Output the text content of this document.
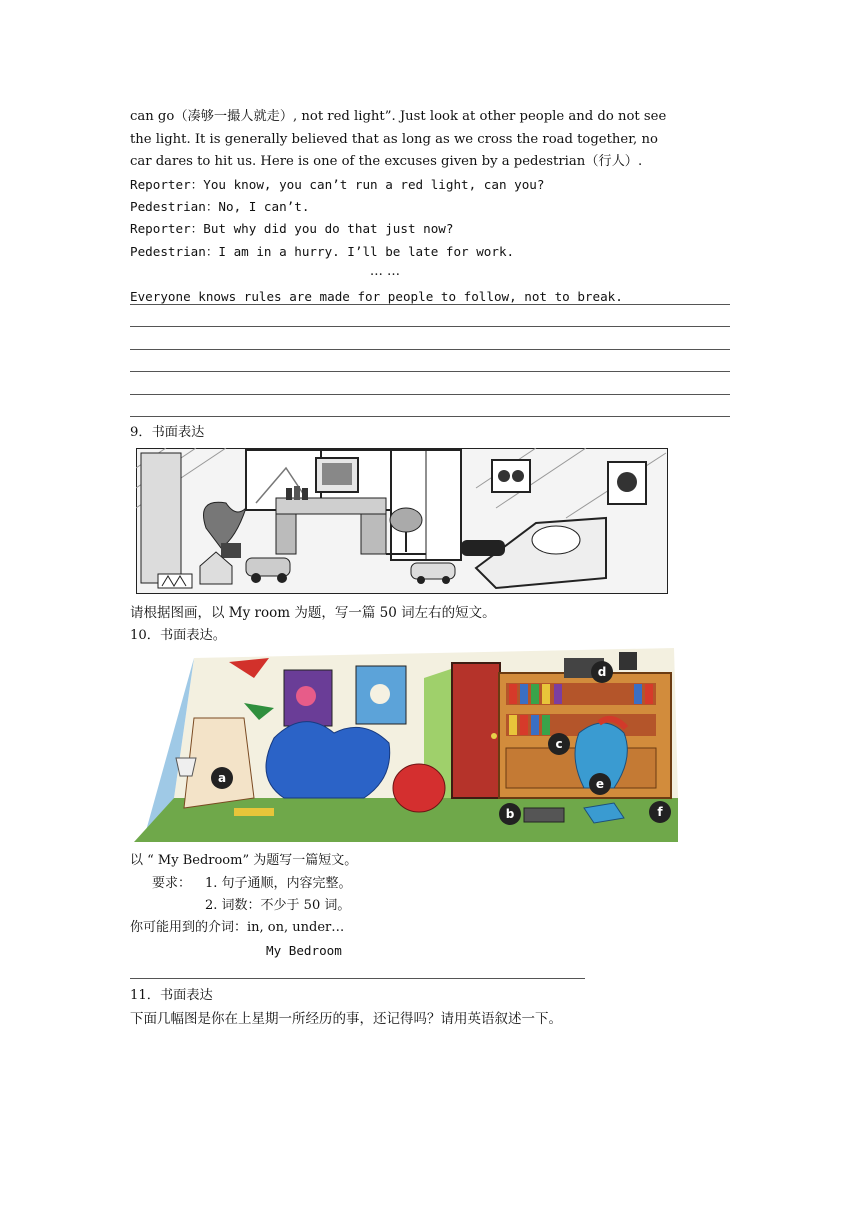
can go（凑够一撮人就走）, not red light”. Just look at other people and do not see
the light. It is generally believed that as long as we cross the road together, no
car dares to hit us. Here is one of the excuses given by a pedestrian（行人）.
Reporter：You know, you can’t run a red light, can you?
Pedestrian：No, I can’t.
Reporter：But why did you do that just now?
Pedestrian：I am in a hurry. I’ll be late for work.
… …
Everyone knows rules are made for people to follow, not to break.
9．书面表达
请根据图画，以 My room 为题，写一篇 50 词左右的短文。
10．书面表达。
a
b
c
d
e
f
以 “ My Bedroom” 为题写一篇短文。
要求：	1. 句子通顺，内容完整。
2. 词数：不少于 50 词。
你可能用到的介词：in, on, under…
My Bedroom
11．书面表达
下面几幅图是你在上星期一所经历的事，还记得吗？请用英语叙述一下。
